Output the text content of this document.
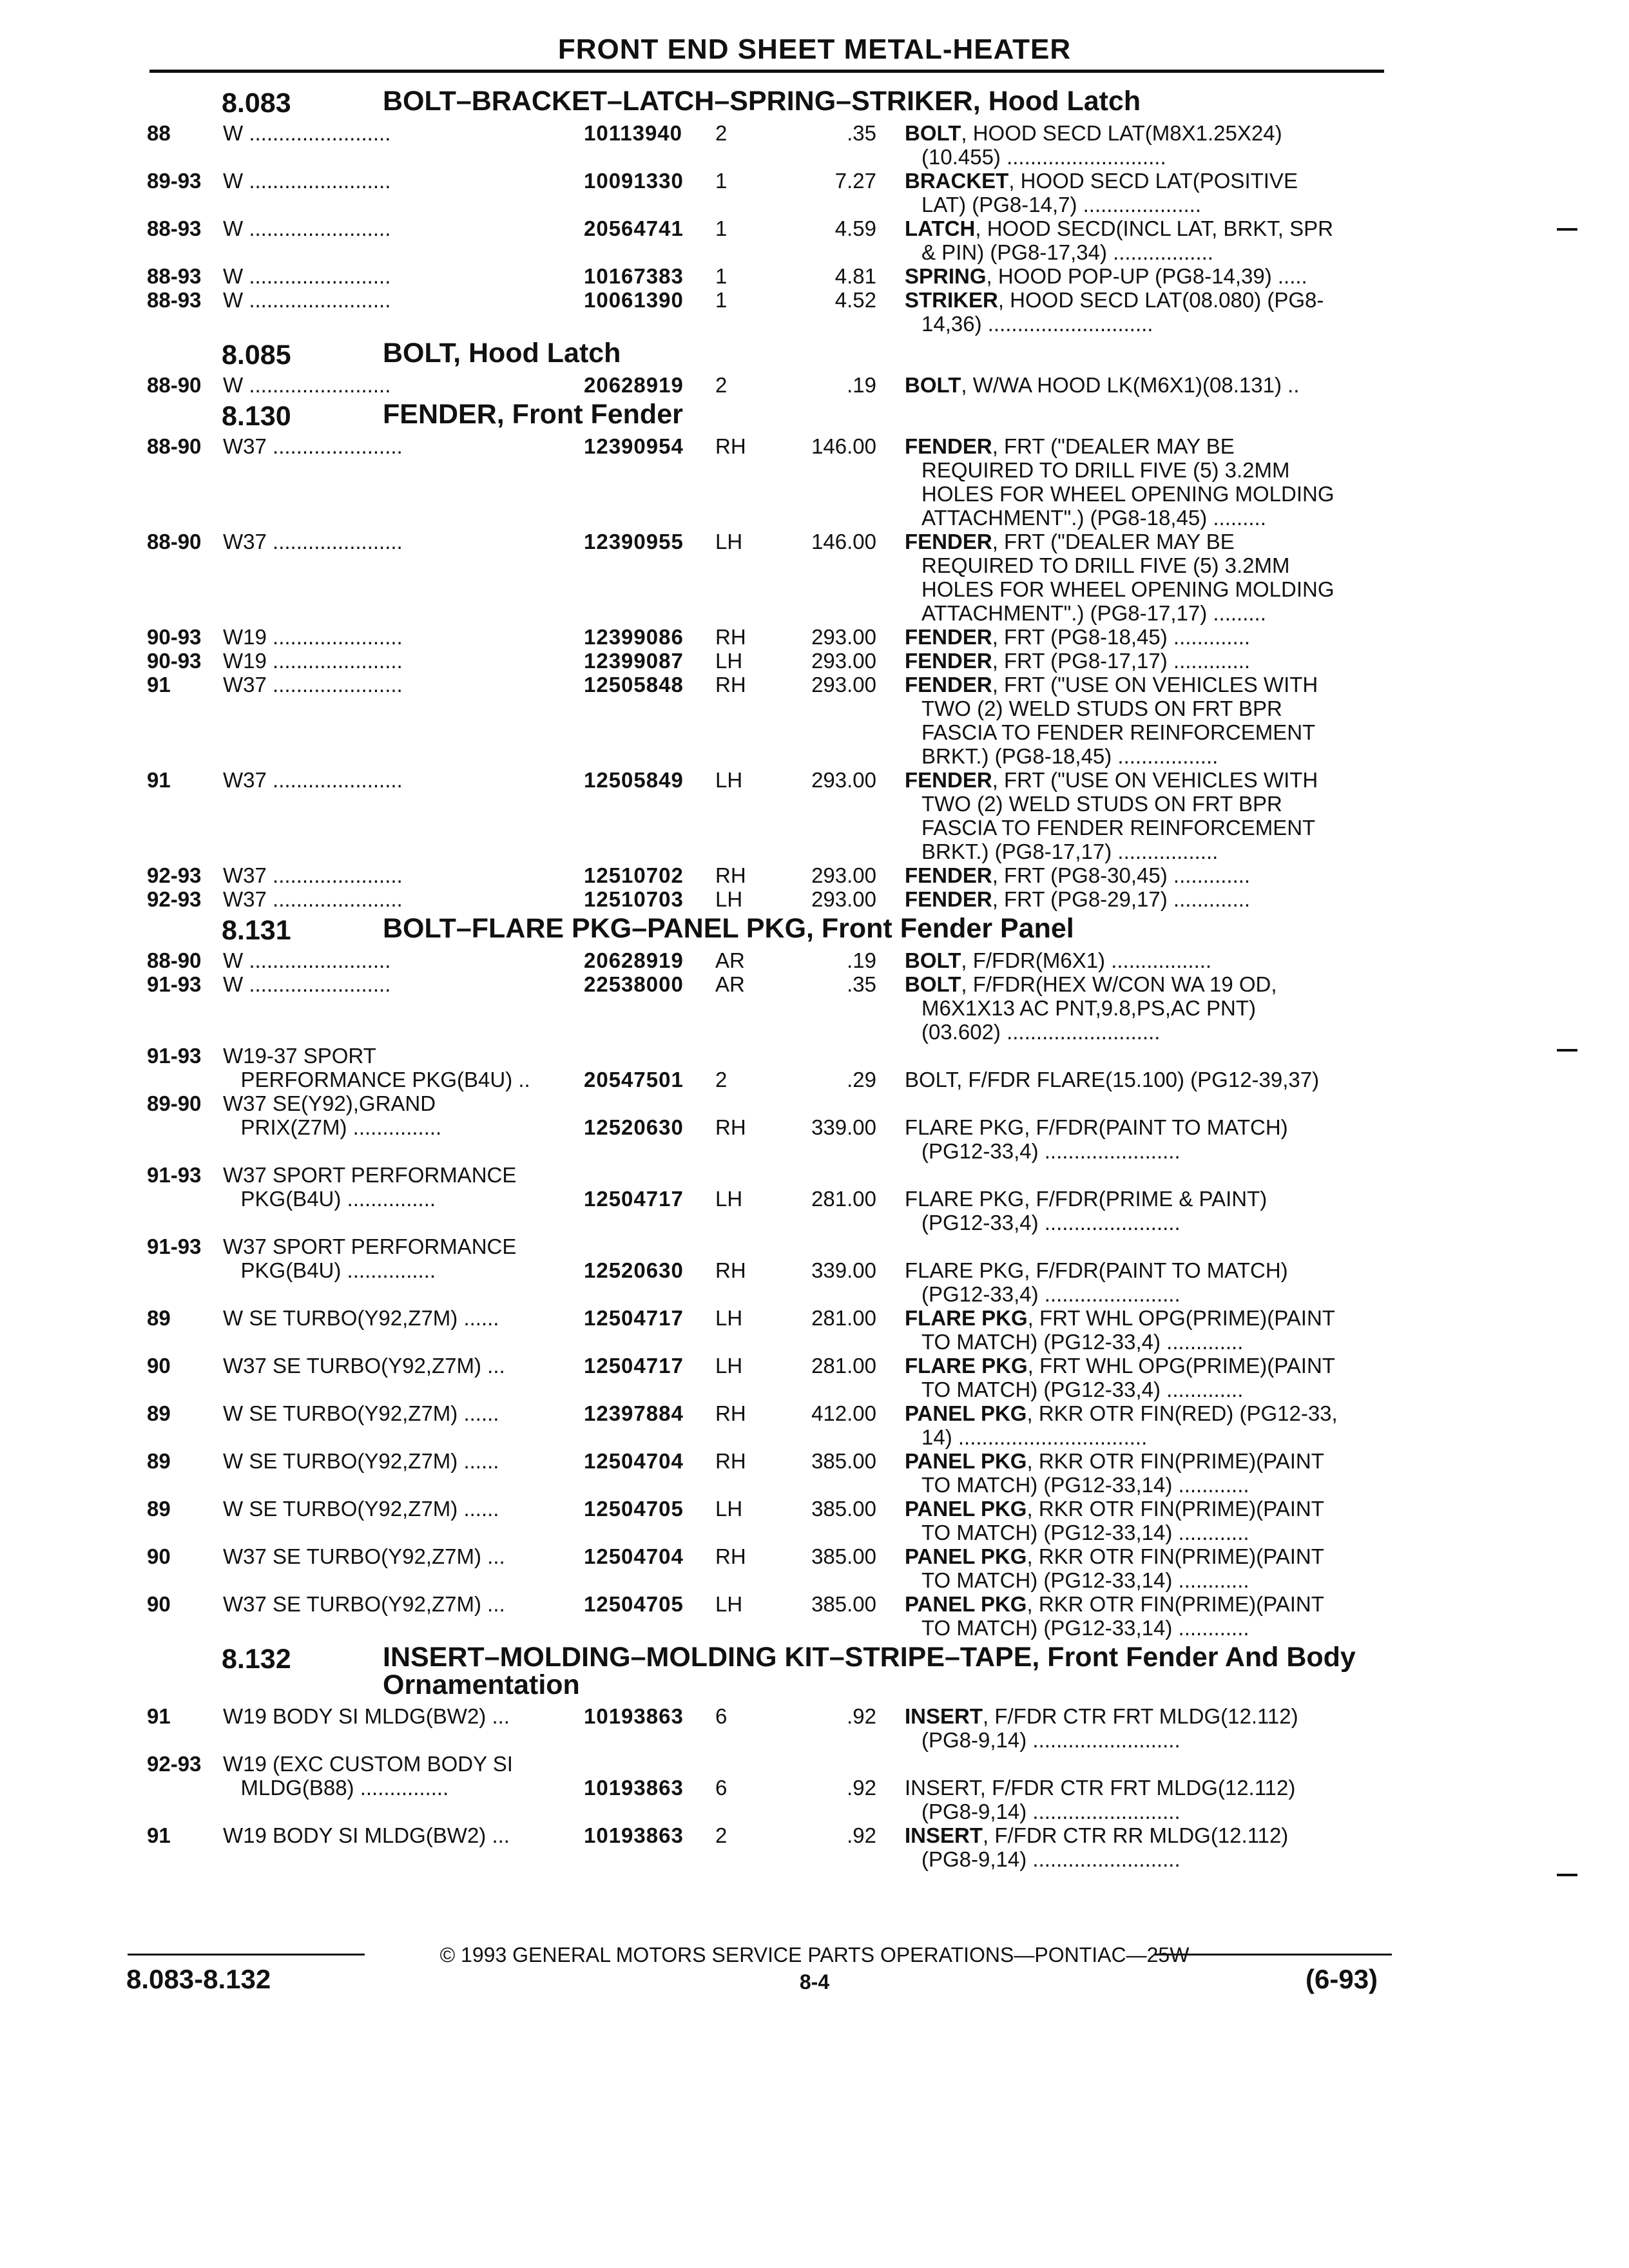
FRONT END SHEET METAL-HEATER
8.083	BOLT–BRACKET–LATCH–SPRING–STRIKER, Hood Latch
88 W ........................	10113940 2	.35 BOLT, HOOD SECD LAT(M8X1.25X24)
(10.455) ...........................
89-93 W ........................	10091330 1	7.27 BRACKET, HOOD SECD LAT(POSITIVE
LAT) (PG8-14,7) ....................
88-93 W ........................	20564741 1	4.59 LATCH, HOOD SECD(INCL LAT, BRKT, SPR
& PIN) (PG8-17,34) .................
88-93 W ........................	10167383 1	4.81 SPRING, HOOD POP-UP (PG8-14,39) .....
88-93 W ........................	10061390 1	4.52 STRIKER, HOOD SECD LAT(08.080) (PG8-
14,36) ............................
8.085	BOLT, Hood Latch
88-90 W ........................	20628919 2	.19 BOLT, W/WA HOOD LK(M6X1)(08.131) ..
8.130	FENDER, Front Fender
88-90 W37 ......................	12390954 RH	146.00 FENDER, FRT ("DEALER MAY BE
REQUIRED TO DRILL FIVE (5) 3.2MM
HOLES FOR WHEEL OPENING MOLDING
ATTACHMENT".) (PG8-18,45) .........
88-90 W37 ......................	12390955 LH	146.00 FENDER, FRT ("DEALER MAY BE
REQUIRED TO DRILL FIVE (5) 3.2MM
HOLES FOR WHEEL OPENING MOLDING
ATTACHMENT".) (PG8-17,17) .........
90-93 W19 ......................	12399086 RH	293.00 FENDER, FRT (PG8-18,45) .............
90-93 W19 ......................	12399087 LH	293.00 FENDER, FRT (PG8-17,17) .............
91 W37 ......................	12505848 RH	293.00 FENDER, FRT ("USE ON VEHICLES WITH
TWO (2) WELD STUDS ON FRT BPR
FASCIA TO FENDER REINFORCEMENT
BRKT.) (PG8-18,45) .................
91 W37 ......................	12505849 LH	293.00 FENDER, FRT ("USE ON VEHICLES WITH
TWO (2) WELD STUDS ON FRT BPR
FASCIA TO FENDER REINFORCEMENT
BRKT.) (PG8-17,17) .................
92-93 W37 ......................	12510702 RH	293.00 FENDER, FRT (PG8-30,45) .............
92-93 W37 ......................	12510703 LH	293.00 FENDER, FRT (PG8-29,17) .............
8.131	BOLT–FLARE PKG–PANEL PKG, Front Fender Panel
88-90 W ........................	20628919 AR	.19 BOLT, F/FDR(M6X1) .................
91-93 W ........................	22538000 AR	.35 BOLT, F/FDR(HEX W/CON WA 19 OD,
M6X1X13 AC PNT,9.8,PS,AC PNT)
(03.602) ..........................
91-93 W19-37 SPORT
PERFORMANCE PKG(B4U) ..	20547501 2	.29 BOLT, F/FDR FLARE(15.100) (PG12-39,37)
89-90 W37 SE(Y92),GRAND
PRIX(Z7M) ...............	12520630 RH	339.00 FLARE PKG, F/FDR(PAINT TO MATCH)
(PG12-33,4) .......................
91-93 W37 SPORT PERFORMANCE
PKG(B4U) ...............	12504717 LH	281.00 FLARE PKG, F/FDR(PRIME & PAINT)
(PG12-33,4) .......................
91-93 W37 SPORT PERFORMANCE
PKG(B4U) ...............	12520630 RH	339.00 FLARE PKG, F/FDR(PAINT TO MATCH)
(PG12-33,4) .......................
89 W SE TURBO(Y92,Z7M) ......	12504717 LH	281.00 FLARE PKG, FRT WHL OPG(PRIME)(PAINT
TO MATCH) (PG12-33,4) .............
90 W37 SE TURBO(Y92,Z7M) ...	12504717 LH	281.00 FLARE PKG, FRT WHL OPG(PRIME)(PAINT
TO MATCH) (PG12-33,4) .............
89 W SE TURBO(Y92,Z7M) ......	12397884 RH	412.00 PANEL PKG, RKR OTR FIN(RED) (PG12-33,
14) ................................
89 W SE TURBO(Y92,Z7M) ......	12504704 RH	385.00 PANEL PKG, RKR OTR FIN(PRIME)(PAINT
TO MATCH) (PG12-33,14) ............
89 W SE TURBO(Y92,Z7M) ......	12504705 LH	385.00 PANEL PKG, RKR OTR FIN(PRIME)(PAINT
TO MATCH) (PG12-33,14) ............
90 W37 SE TURBO(Y92,Z7M) ...	12504704 RH	385.00 PANEL PKG, RKR OTR FIN(PRIME)(PAINT
TO MATCH) (PG12-33,14) ............
90 W37 SE TURBO(Y92,Z7M) ...	12504705 LH	385.00 PANEL PKG, RKR OTR FIN(PRIME)(PAINT
TO MATCH) (PG12-33,14) ............
8.132	INSERT–MOLDING–MOLDING KIT–STRIPE–TAPE, Front Fender And Body Ornamentation
91 W19 BODY SI MLDG(BW2) ...	10193863 6	.92 INSERT, F/FDR CTR FRT MLDG(12.112)
(PG8-9,14) .........................
92-93 W19 (EXC CUSTOM BODY SI
MLDG(B88) ...............	10193863 6	.92 INSERT, F/FDR CTR FRT MLDG(12.112)
(PG8-9,14) .........................
91 W19 BODY SI MLDG(BW2) ...	10193863 2	.92 INSERT, F/FDR CTR RR MLDG(12.112)
(PG8-9,14) .........................
© 1993 GENERAL MOTORS SERVICE PARTS OPERATIONS—PONTIAC—25W
8.083-8.132	8-4	(6-93)
